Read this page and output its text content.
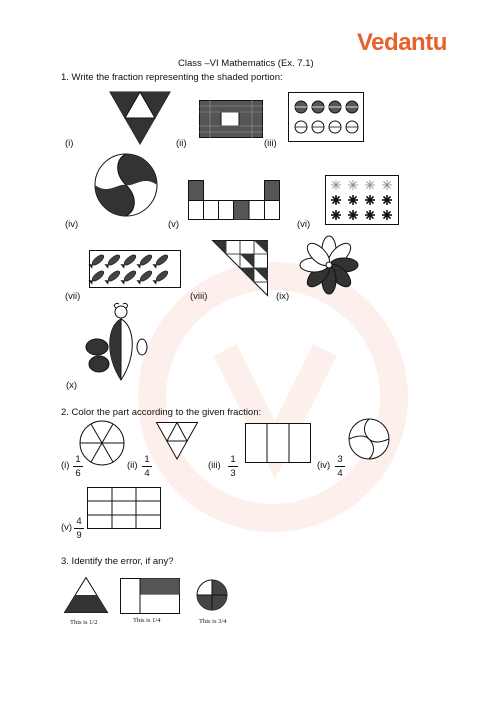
Vedantu
Class –VI Mathematics (Ex. 7.1)
1. Write the fraction representing the shaded portion:
(i)	(ii)	(iii)
(iv)	(v)	(vi)
(vii)	(viii)	(ix)
(x)
2. Color the part according to the given fraction:
(i)
1
6
(ii)
1
4
(iii)
1
3
(iv)
3
4
(v)
4
9
3. Identify the error, if any?
This is 1/2	This is 1/4	This is 3/4
